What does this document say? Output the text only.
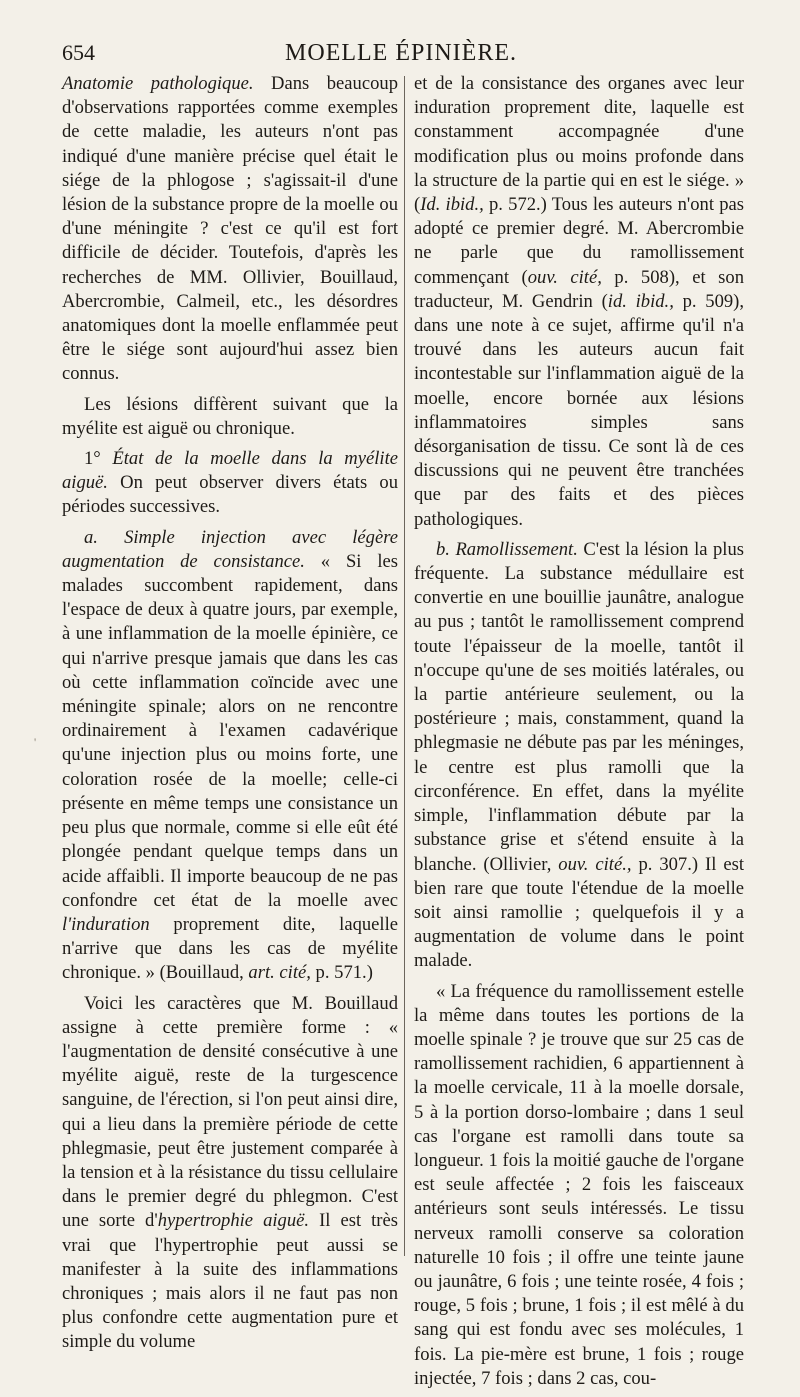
654	MOELLE ÉPINIÈRE.

Anatomie pathologique. Dans beaucoup d'observations rapportées comme exemples de cette maladie, les auteurs n'ont pas indiqué d'une manière précise quel était le siége de la phlogose ; s'agissait-il d'une lésion de la substance propre de la moelle ou d'une méningite ? c'est ce qu'il est fort difficile de décider. Toutefois, d'après les recherches de MM. Ollivier, Bouillaud, Abercrombie, Calmeil, etc., les désordres anatomiques dont la moelle enflammée peut être le siége sont aujourd'hui assez bien connus.

Les lésions diffèrent suivant que la myélite est aiguë ou chronique.

1° État de la moelle dans la myélite aiguë. On peut observer divers états ou périodes successives.

a. Simple injection avec légère augmentation de consistance. « Si les malades succombent rapidement, dans l'espace de deux à quatre jours, par exemple, à une inflammation de la moelle épinière, ce qui n'arrive presque jamais que dans les cas où cette inflammation coïncide avec une méningite spinale; alors on ne rencontre ordinairement à l'examen cadavérique qu'une injection plus ou moins forte, une coloration rosée de la moelle; celle-ci présente en même temps une consistance un peu plus que normale, comme si elle eût été plongée pendant quelque temps dans un acide affaibli. Il importe beaucoup de ne pas confondre cet état de la moelle avec l'induration proprement dite, laquelle n'arrive que dans les cas de myélite chronique. » (Bouillaud, art. cité, p. 571.)

Voici les caractères que M. Bouillaud assigne à cette première forme : « l'augmentation de densité consécutive à une myélite aiguë, reste de la turgescence sanguine, de l'érection, si l'on peut ainsi dire, qui a lieu dans la première période de cette phlegmasie, peut être justement comparée à la tension et à la résistance du tissu cellulaire dans le premier degré du phlegmon. C'est une sorte d'hypertrophie aiguë. Il est très vrai que l'hypertrophie peut aussi se manifester à la suite des inflammations chroniques ; mais alors il ne faut pas non plus confondre cette augmentation pure et simple du volume

et de la consistance des organes avec leur induration proprement dite, laquelle est constamment accompagnée d'une modification plus ou moins profonde dans la structure de la partie qui en est le siége. » (Id. ibid., p. 572.) Tous les auteurs n'ont pas adopté ce premier degré. M. Abercrombie ne parle que du ramollissement commençant (ouv. cité, p. 508), et son traducteur, M. Gendrin (id. ibid., p. 509), dans une note à ce sujet, affirme qu'il n'a trouvé dans les auteurs aucun fait incontestable sur l'inflammation aiguë de la moelle, encore bornée aux lésions inflammatoires simples sans désorganisation de tissu. Ce sont là de ces discussions qui ne peuvent être tranchées que par des faits et des pièces pathologiques.

b. Ramollissement. C'est la lésion la plus fréquente. La substance médullaire est convertie en une bouillie jaunâtre, analogue au pus ; tantôt le ramollissement comprend toute l'épaisseur de la moelle, tantôt il n'occupe qu'une de ses moitiés latérales, ou la partie antérieure seulement, ou la postérieure ; mais, constamment, quand la phlegmasie ne débute pas par les méninges, le centre est plus ramolli que la circonférence. En effet, dans la myélite simple, l'inflammation débute par la substance grise et s'étend ensuite à la blanche. (Ollivier, ouv. cité., p. 307.) Il est bien rare que toute l'étendue de la moelle soit ainsi ramollie ; quelquefois il y a augmentation de volume dans le point malade.

« La fréquence du ramollissement estelle la même dans toutes les portions de la moelle spinale ? je trouve que sur 25 cas de ramollissement rachidien, 6 appartiennent à la moelle cervicale, 11 à la moelle dorsale, 5 à la portion dorso-lombaire ; dans 1 seul cas l'organe est ramolli dans toute sa longueur. 1 fois la moitié gauche de l'organe est seule affectée ; 2 fois les faisceaux antérieurs sont seuls intéressés. Le tissu nerveux ramolli conserve sa coloration naturelle 10 fois ; il offre une teinte jaune ou jaunâtre, 6 fois ; une teinte rosée, 4 fois ; rouge, 5 fois ; brune, 1 fois ; il est mêlé à du sang qui est fondu avec ses molécules, 1 fois. La pie-mère est brune, 1 fois ; rouge injectée, 7 fois ; dans 2 cas, cou-

'
